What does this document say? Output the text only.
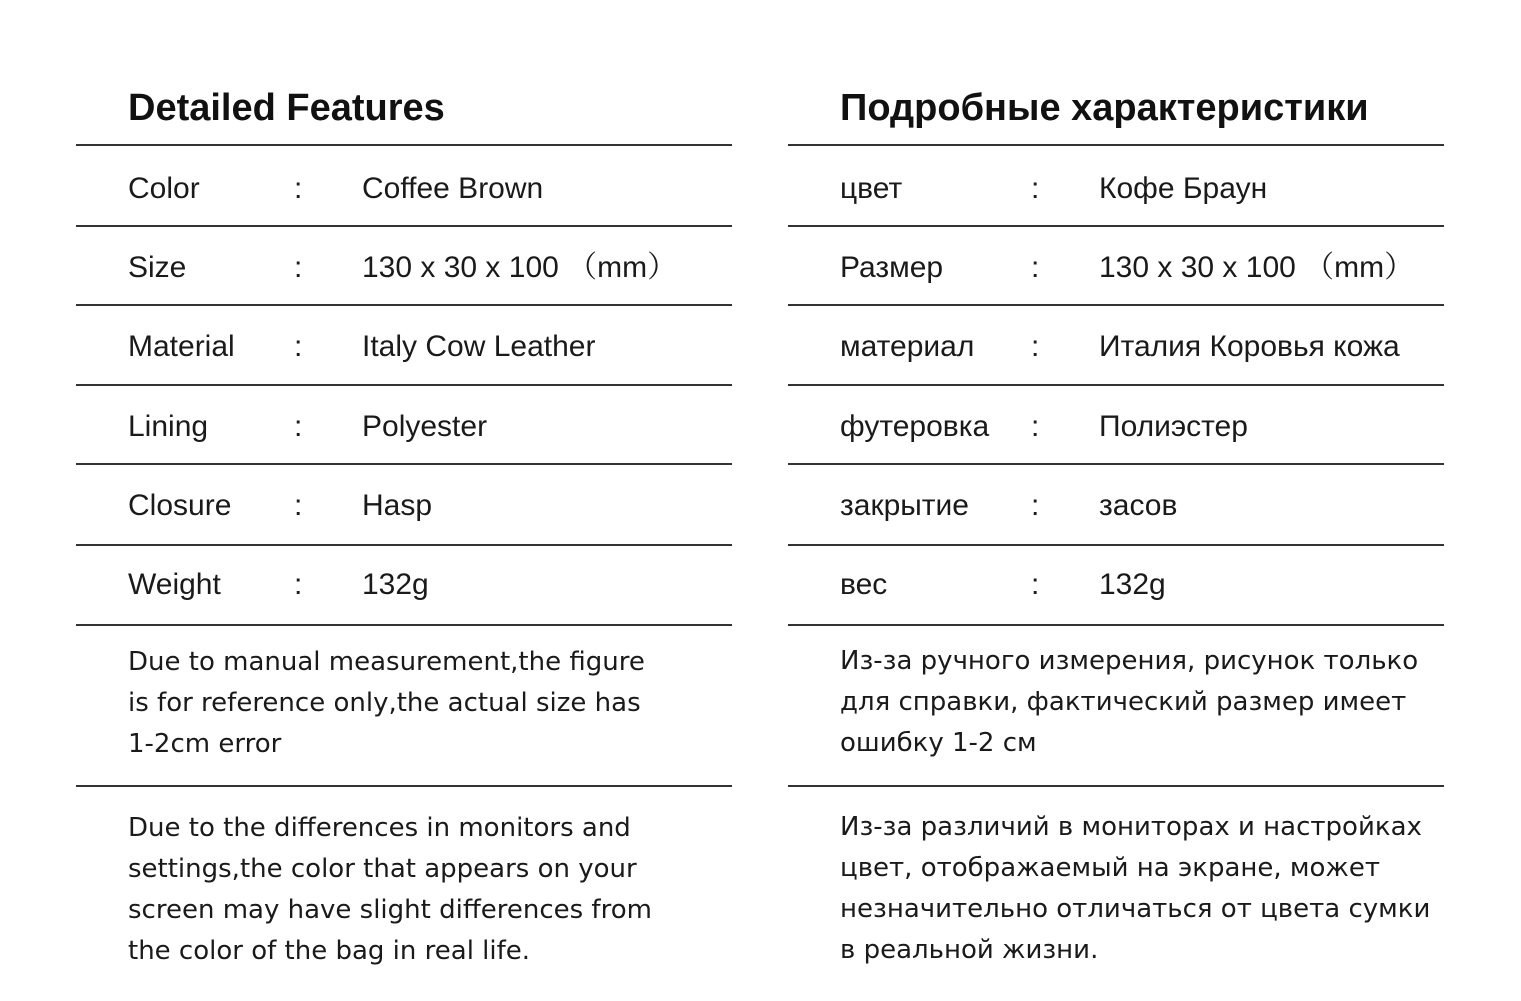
Detailed Features
Color	: Coffee Brown
Size	: 130 x 30 x 100 （mm）
Material : Italy Cow Leather
Lining	: Polyester
Closure : Hasp
Weight : 132g

Due to manual measurement,the figure
is for reference only,the actual size has
1-2cm error

Due to the differences in monitors and
settings,the color that appears on your
screen may have slight differences from
the color of the bag in real life.

Подробные характеристики
цвет	: Кофе Браун
Размер	: 130 x 30 x 100 （mm）
материал : Италия Коровья кожа
футеровка : Полиэстер
закрытие : засов
вес	: 132g

Из-за ручного измерения, рисунок только
для справки, фактический размер имеет
ошибку 1-2 см

Из-за различий в мониторах и настройках
цвет, отображаемый на экране, может
незначительно отличаться от цвета сумки
в реальной жизни.
